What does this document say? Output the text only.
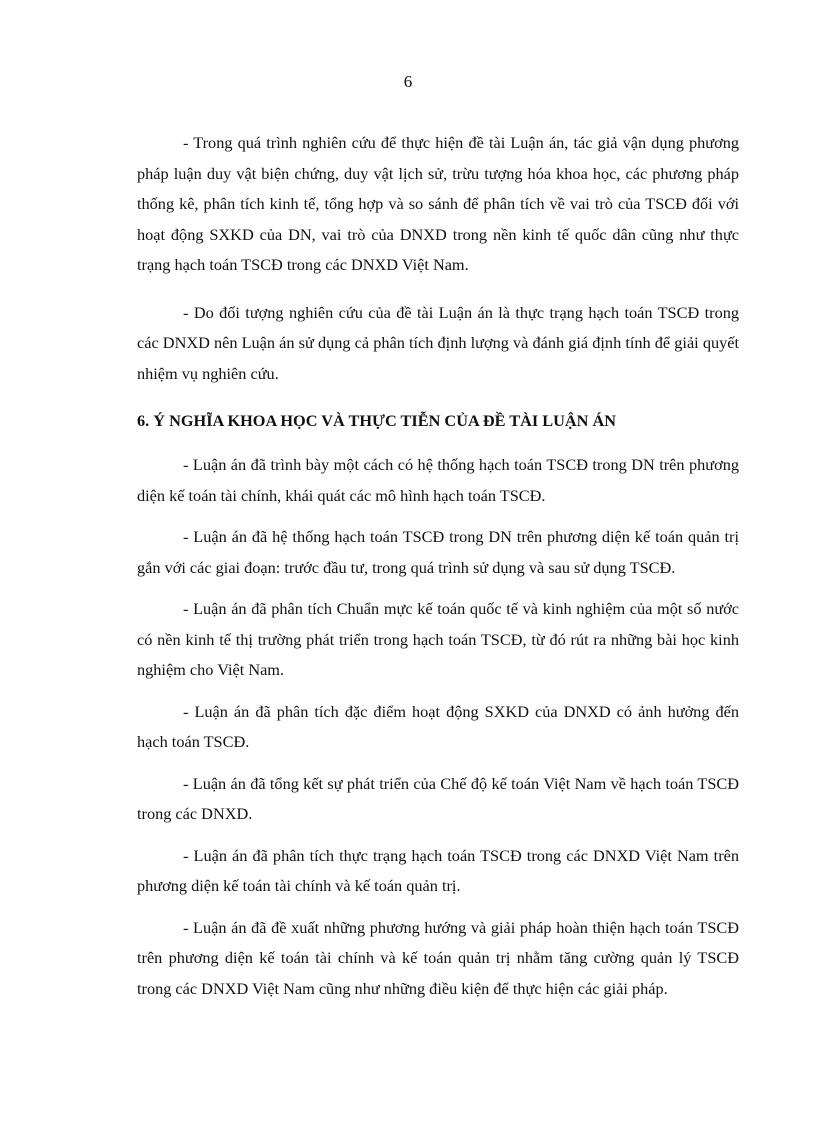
6

- Trong quá trình nghiên cứu để thực hiện đề tài Luận án, tác giả vận dụng phương pháp luận duy vật biện chứng, duy vật lịch sử, trừu tượng hóa khoa học, các phương pháp thống kê, phân tích kinh tế, tổng hợp và so sánh để phân tích về vai trò của TSCĐ đối với hoạt động SXKD của DN, vai trò của DNXD trong nền kinh tế quốc dân cũng như thực trạng hạch toán TSCĐ trong các DNXD Việt Nam.

- Do đối tượng nghiên cứu của đề tài Luận án là thực trạng hạch toán TSCĐ trong các DNXD nên Luận án sử dụng cả phân tích định lượng và đánh giá định tính để giải quyết nhiệm vụ nghiên cứu.

6. Ý NGHĨA KHOA HỌC VÀ THỰC TIỄN CỦA ĐỀ TÀI LUẬN ÁN

- Luận án đã trình bày một cách có hệ thống hạch toán TSCĐ trong DN trên phương diện kế toán tài chính, khái quát các mô hình hạch toán TSCĐ.

- Luận án đã hệ thống hạch toán TSCĐ trong DN trên phương diện kế toán quản trị gắn với các giai đoạn: trước đầu tư, trong quá trình sử dụng và sau sử dụng TSCĐ.

- Luận án đã phân tích Chuẩn mực kế toán quốc tế và kinh nghiệm của một số nước có nền kinh tế thị trường phát triển trong hạch toán TSCĐ, từ đó rút ra những bài học kinh nghiệm cho Việt Nam.

- Luận án đã phân tích đặc điểm hoạt động SXKD của DNXD có ảnh hưởng đến hạch toán TSCĐ.

- Luận án đã tổng kết sự phát triển của Chế độ kế toán Việt Nam về hạch toán TSCĐ trong các DNXD.

- Luận án đã phân tích thực trạng hạch toán TSCĐ trong các DNXD Việt Nam trên phương diện kế toán tài chính và kế toán quản trị.

- Luận án đã đề xuất những phương hướng và giải pháp hoàn thiện hạch toán TSCĐ trên phương diện kế toán tài chính và kế toán quản trị nhằm tăng cường quản lý TSCĐ trong các DNXD Việt Nam cũng như những điều kiện để thực hiện các giải pháp.
